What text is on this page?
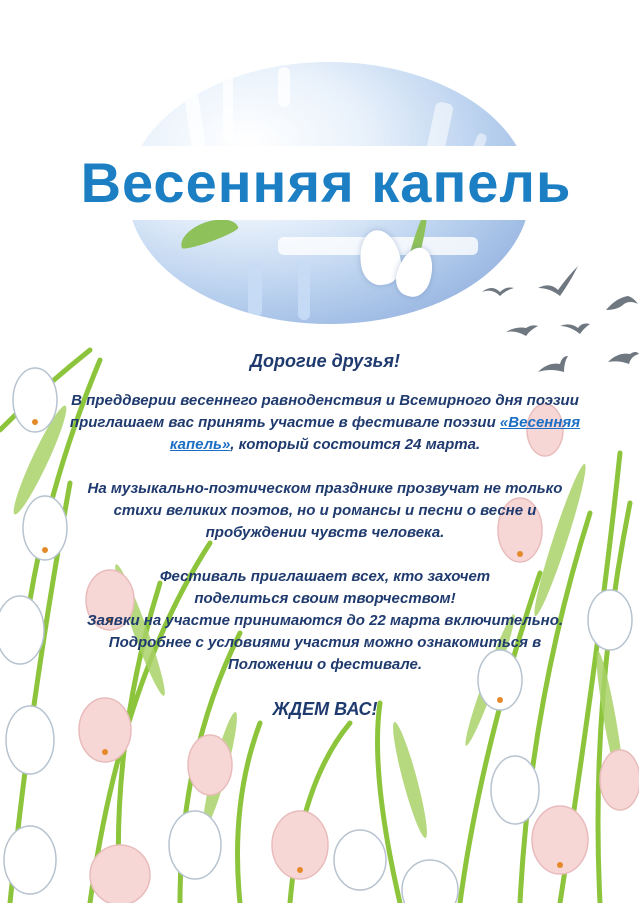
Весенняя капель

Дорогие друзья!

В преддверии весеннего равноденствия и Всемирного дня поэзии приглашаем вас принять участие в фестивале поэзии «Весенняя капель», который состоится 24 марта.

На музыкально-поэтическом празднике прозвучат не только
стихи великих поэтов, но и романсы и песни о весне и
пробуждении чувств человека.

Фестиваль приглашает всех, кто захочет
поделиться своим творчеством!
Заявки на участие принимаются до 22 марта включительно.
Подробнее с условиями участия можно ознакомиться в
Положении о фестивале.

ЖДЕМ ВАС!
